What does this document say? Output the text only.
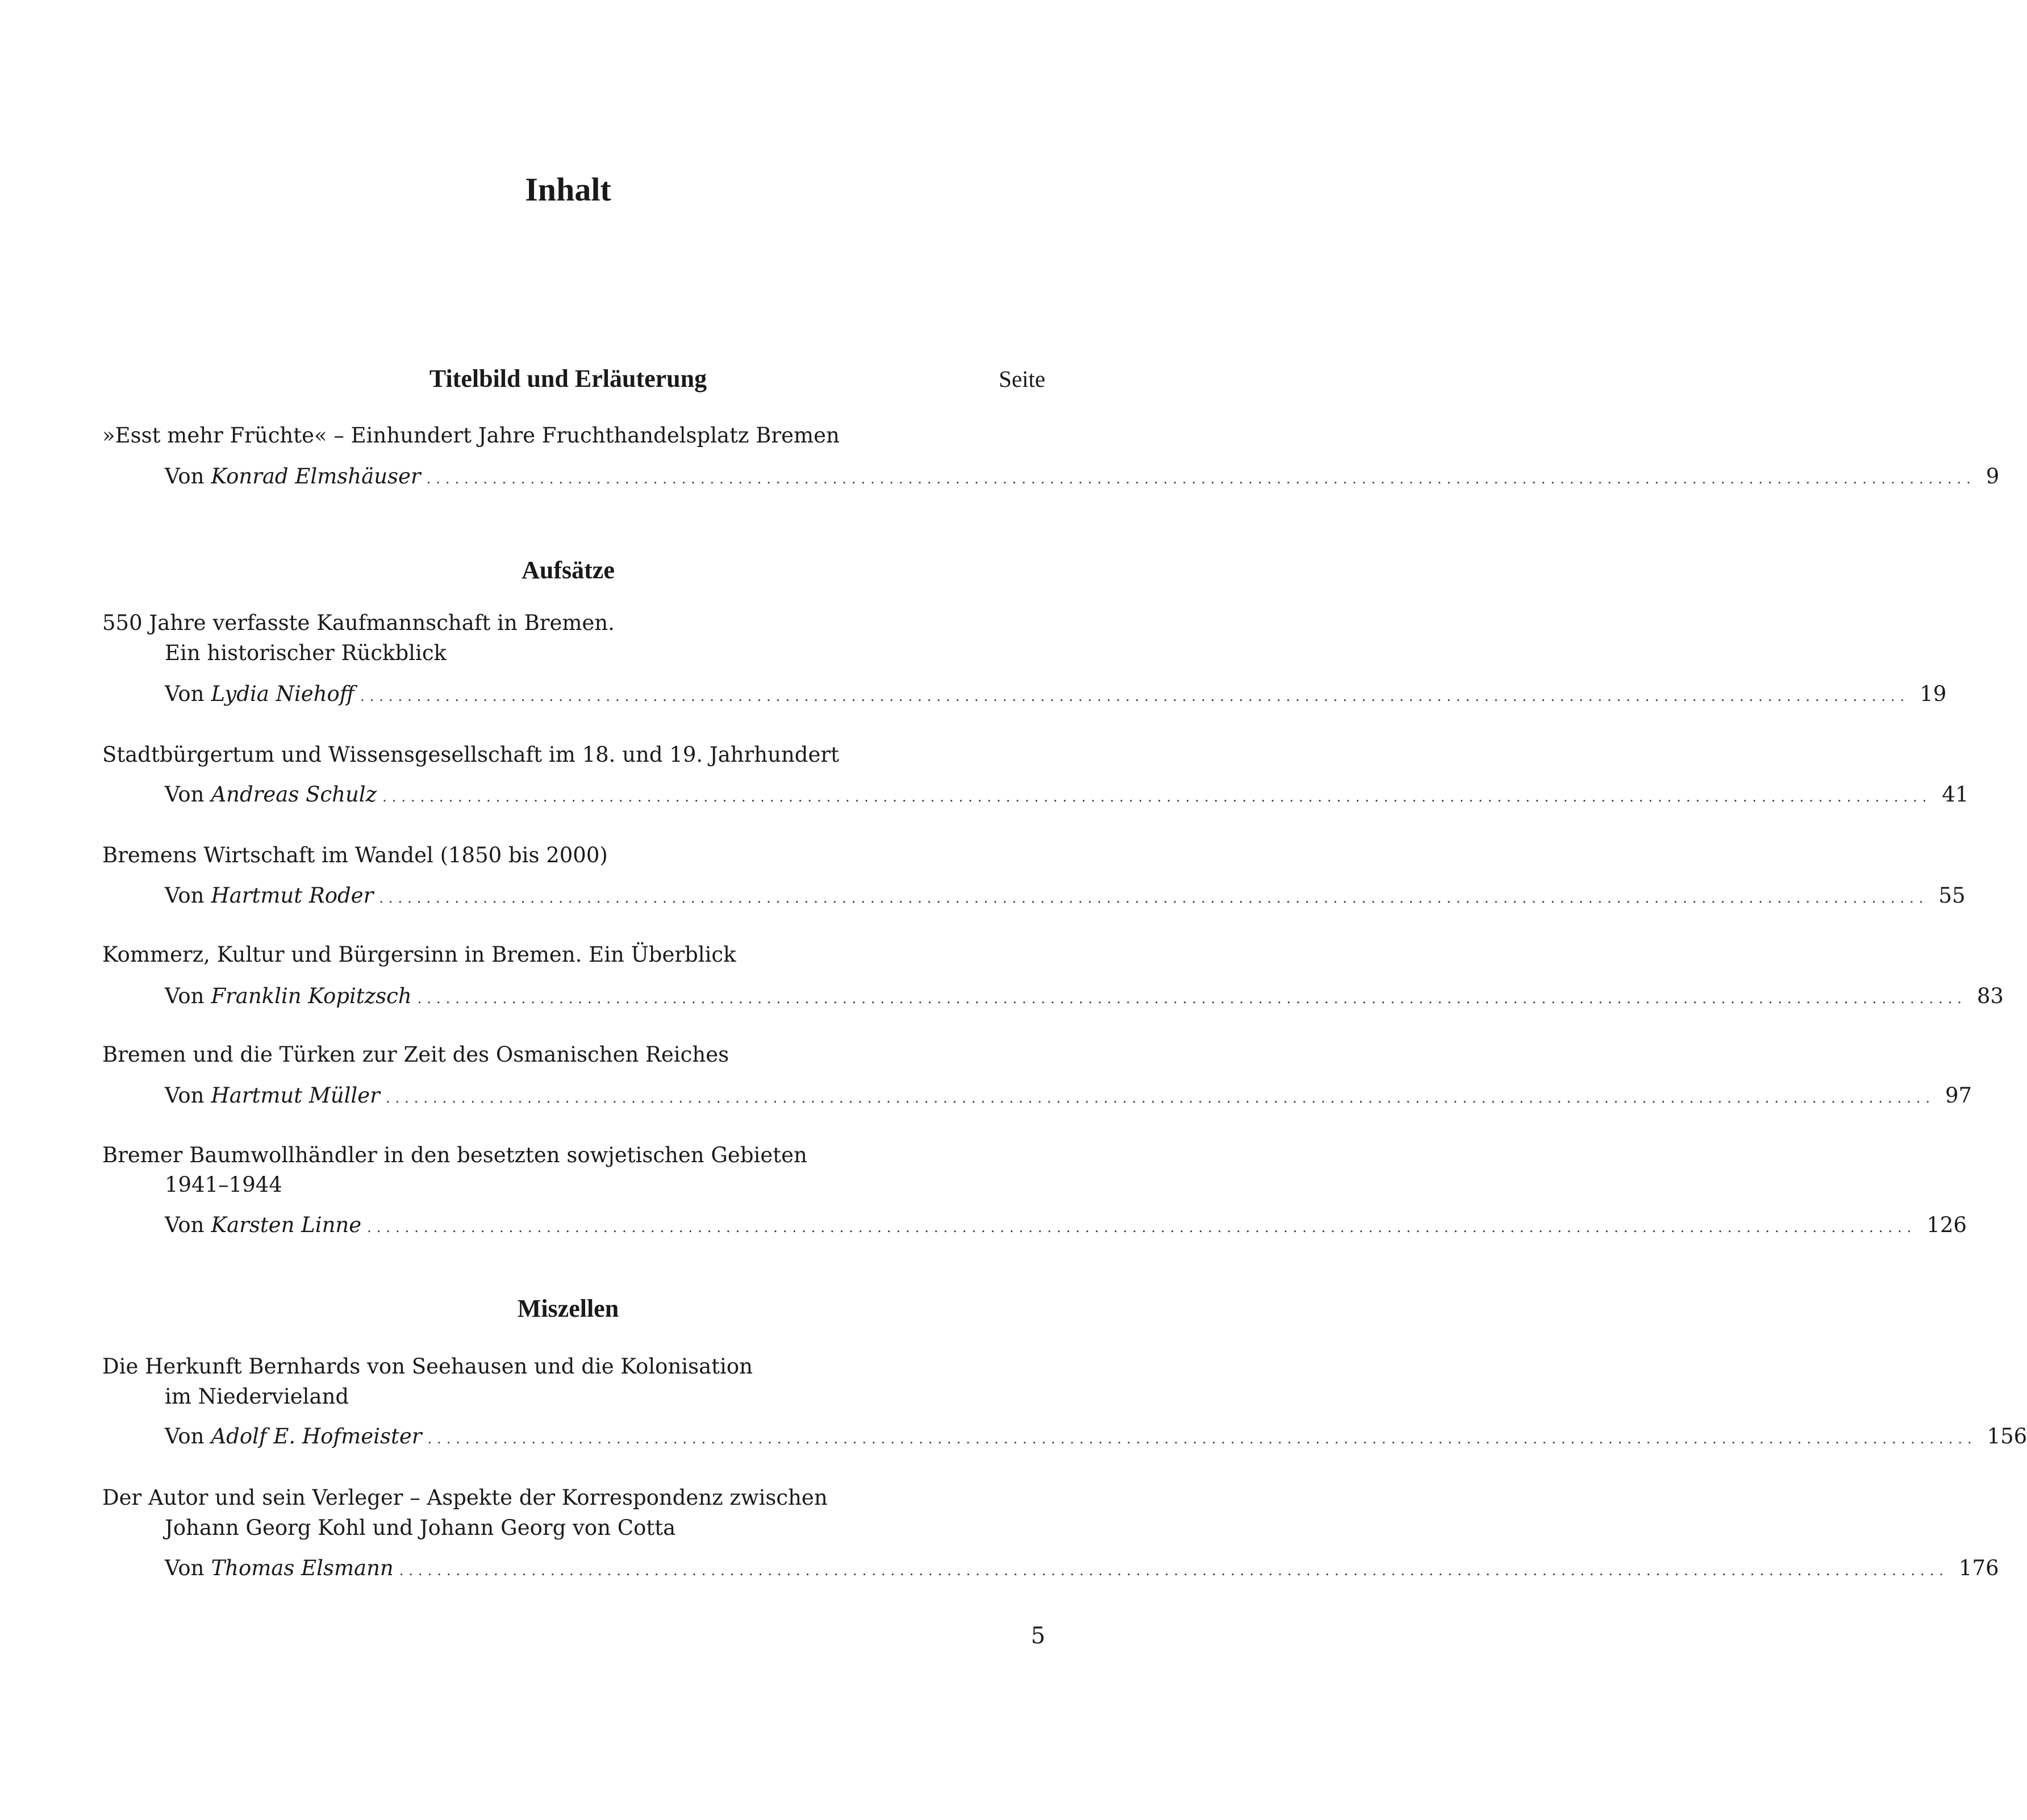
Inhalt
Titelbild und Erläuterung	Seite
»Esst mehr Früchte« – Einhundert Jahre Fruchthandelsplatz Bremen
Von Konrad Elmshäuser .................................................................................................................................................................... 9
Aufsätze
550 Jahre verfasste Kaufmannschaft in Bremen.
Ein historischer Rückblick
Von Lydia Niehoff .................................................................................................................................................................... 19
Stadtbürgertum und Wissensgesellschaft im 18. und 19. Jahrhundert
Von Andreas Schulz .................................................................................................................................................................... 41
Bremens Wirtschaft im Wandel (1850 bis 2000)
Von Hartmut Roder .................................................................................................................................................................... 55
Kommerz, Kultur und Bürgersinn in Bremen. Ein Überblick
Von Franklin Kopitzsch .................................................................................................................................................................... 83
Bremen und die Türken zur Zeit des Osmanischen Reiches
Von Hartmut Müller .................................................................................................................................................................... 97
Bremer Baumwollhändler in den besetzten sowjetischen Gebieten
1941–1944
Von Karsten Linne .................................................................................................................................................................... 126
Miszellen
Die Herkunft Bernhards von Seehausen und die Kolonisation
im Niedervieland
Von Adolf E. Hofmeister .................................................................................................................................................................... 156
Der Autor und sein Verleger – Aspekte der Korrespondenz zwischen
Johann Georg Kohl und Johann Georg von Cotta
Von Thomas Elsmann .................................................................................................................................................................... 176
5
